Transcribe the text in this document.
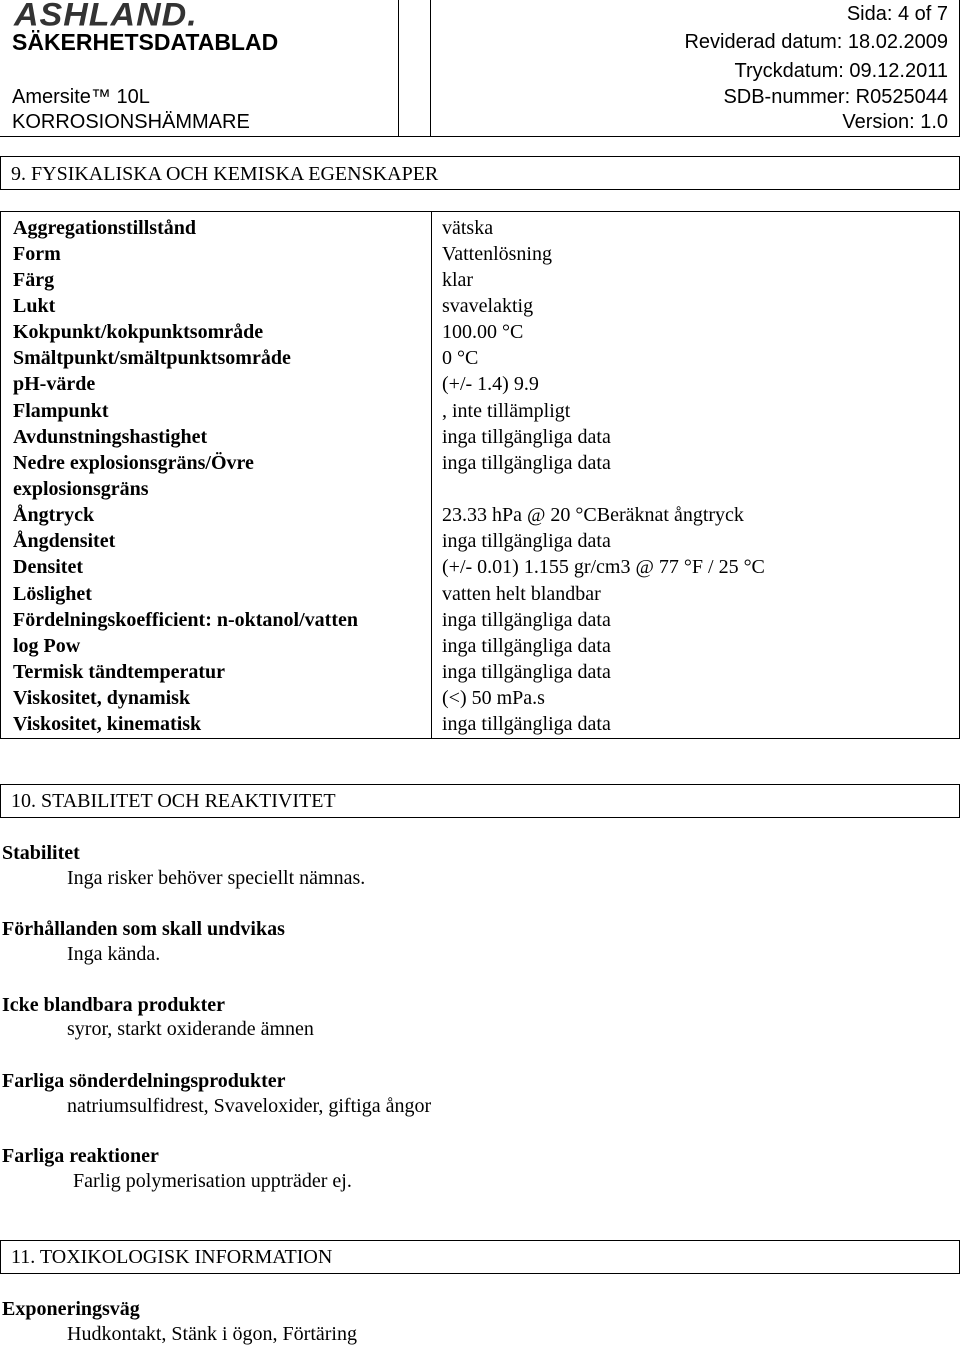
ASHLAND.
SÄKERHETSDATABLAD
Amersite™ 10L
KORROSIONSHÄMMARE
Sida: 4 of 7
Reviderad datum: 18.02.2009
Tryckdatum: 09.12.2011
SDB-nummer: R0525044
Version: 1.0
9. FYSIKALISKA OCH KEMISKA EGENSKAPER
Aggregationstillstånd	vätska
Form	Vattenlösning
Färg	klar
Lukt	svavelaktig
Kokpunkt/kokpunktsområde	100.00 °C
Smältpunkt/smältpunktsområde	0 °C
pH-värde	(+/- 1.4) 9.9
Flampunkt	, inte tillämpligt
Avdunstningshastighet	inga tillgängliga data
Nedre explosionsgräns/Övre	inga tillgängliga data
explosionsgräns
Ångtryck	23.33 hPa @ 20 °CBeräknat ångtryck
Ångdensitet	inga tillgängliga data
Densitet	(+/- 0.01) 1.155 gr/cm3 @ 77 °F / 25 °C
Löslighet	vatten helt blandbar
Fördelningskoefficient: n-oktanol/vatten	inga tillgängliga data
log Pow	inga tillgängliga data
Termisk tändtemperatur	inga tillgängliga data
Viskositet, dynamisk	(<) 50 mPa.s
Viskositet, kinematisk	inga tillgängliga data
10. STABILITET OCH REAKTIVITET
Stabilitet
Inga risker behöver speciellt nämnas.
Förhållanden som skall undvikas
Inga kända.
Icke blandbara produkter
syror, starkt oxiderande ämnen
Farliga sönderdelningsprodukter
natriumsulfidrest, Svaveloxider, giftiga ångor
Farliga reaktioner
Farlig polymerisation uppträder ej.
11. TOXIKOLOGISK INFORMATION
Exponeringsväg
Hudkontakt, Stänk i ögon, Förtäring
